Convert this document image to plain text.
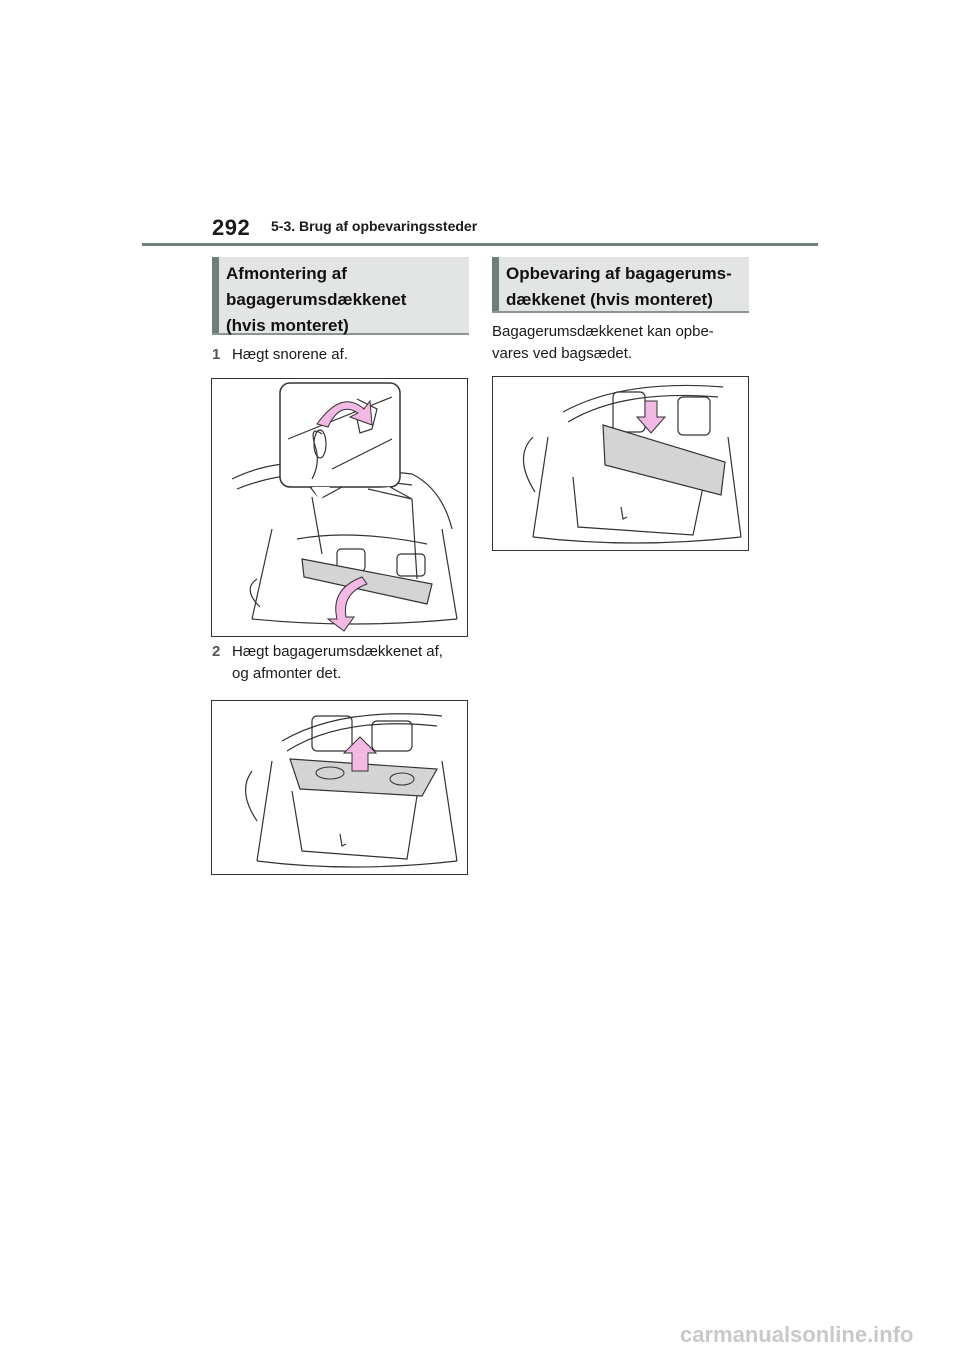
292 5-3. Brug af opbevaringssteder
Afmontering af
bagagerumsdækkenet
(hvis monteret)
1 Hægt snorene af.
2 Hægt bagagerumsdækkenet af,
og afmonter det.
Opbevaring af bagagerums-
dækkenet (hvis monteret)
Bagagerumsdækkenet kan opbe-
vares ved bagsædet.
carmanualsonline.info
